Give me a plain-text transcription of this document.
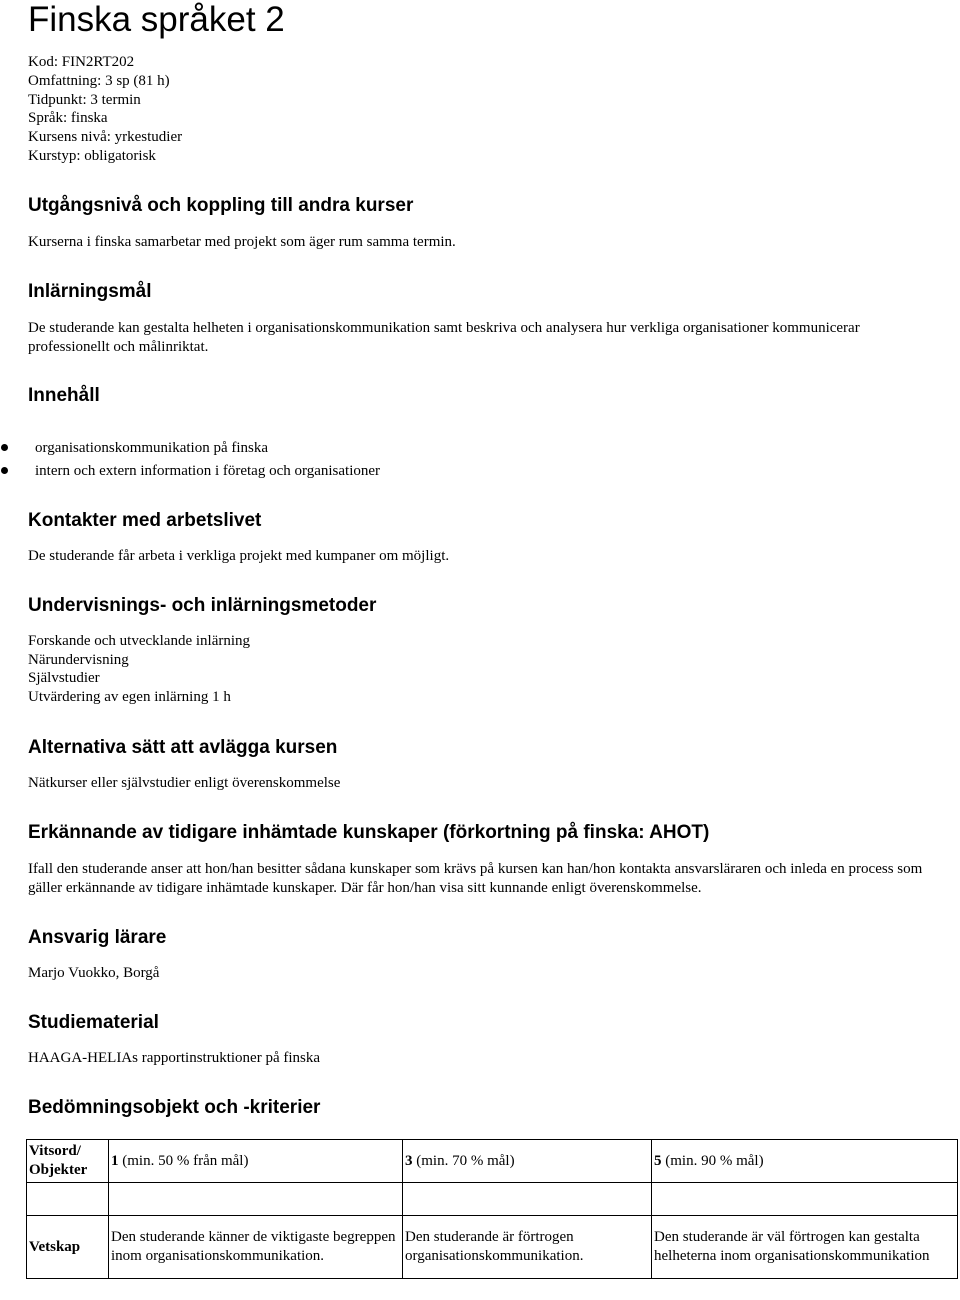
Finska språket 2
Kod: FIN2RT202
Omfattning: 3 sp (81 h)
Tidpunkt: 3 termin
Språk: finska
Kursens nivå: yrkestudier
Kurstyp: obligatorisk
Utgångsnivå och koppling till andra kurser

Kurserna i finska samarbetar med projekt som äger rum samma termin.

Inlärningsmål

De studerande kan gestalta helheten i organisationskommunikation samt beskriva och analysera hur verkliga organisationer kommunicerar professionellt och målinriktat.

Innehåll
organisationskommunikation på finska
intern och extern information i företag och organisationer
Kontakter med arbetslivet

De studerande får arbeta i verkliga projekt med kumpaner om möjligt.

Undervisnings- och inlärningsmetoder
Forskande och utvecklande inlärning
Närundervisning
Självstudier
Utvärdering av egen inlärning 1 h
Alternativa sätt att avlägga kursen

Nätkurser eller självstudier enligt överenskommelse

Erkännande av tidigare inhämtade kunskaper (förkortning på finska: AHOT)

Ifall den studerande anser att hon/han besitter sådana kunskaper som krävs på kursen kan han/hon kontakta ansvarsläraren och inleda en process som gäller erkännande av tidigare inhämtade kunskaper. Där får hon/han visa sitt kunnande enligt överenskommelse.

Ansvarig lärare

Marjo Vuokko, Borgå

Studiematerial

HAAGA-HELIAs rapportinstruktioner på finska

Bedömningsobjekt och -kriterier
Vitsord/ Objekter	1 (min. 50 % från mål)	3 (min. 70 % mål)	5 (min. 90 % mål)

Vetskap	Den studerande känner de viktigaste begreppen inom organisationskommunikation.	Den studerande är förtrogen organisationskommunikation.	Den studerande är väl förtrogen kan gestalta helheterna inom organisationskommunikation
